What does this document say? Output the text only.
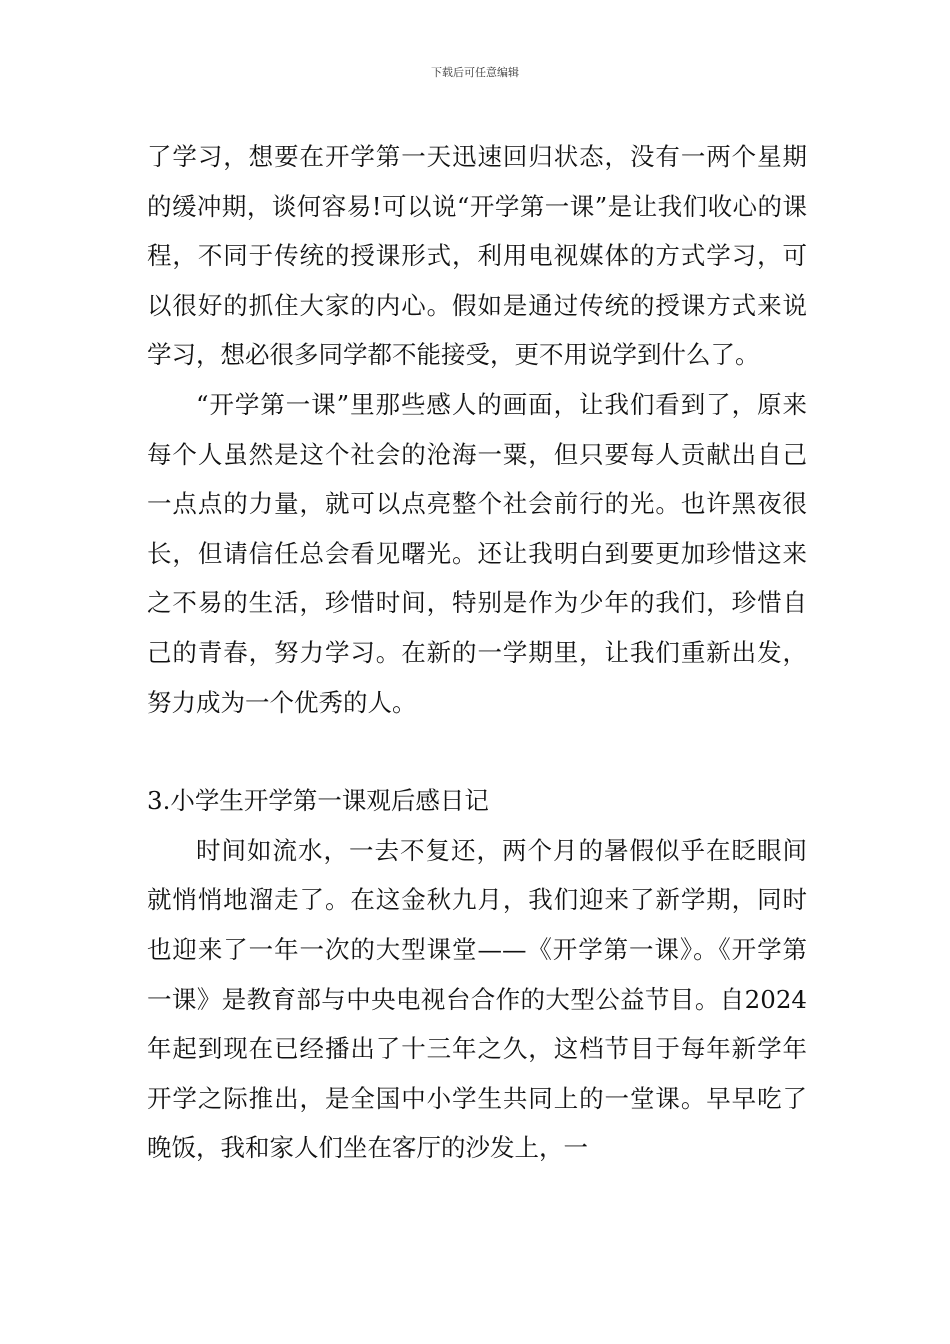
下载后可任意编辑

了学习，想要在开学第一天迅速回归状态，没有一两个星期的缓冲期，谈何容易!可以说“开学第一课”是让我们收心的课程，不同于传统的授课形式，利用电视媒体的方式学习，可以很好的抓住大家的内心。假如是通过传统的授课方式来说学习，想必很多同学都不能接受，更不用说学到什么了。

“开学第一课”里那些感人的画面，让我们看到了，原来每个人虽然是这个社会的沧海一粟，但只要每人贡献出自己一点点的力量，就可以点亮整个社会前行的光。也许黑夜很长，但请信任总会看见曙光。还让我明白到要更加珍惜这来之不易的生活，珍惜时间，特别是作为少年的我们，珍惜自己的青春，努力学习。在新的一学期里，让我们重新出发，努力成为一个优秀的人。

3.小学生开学第一课观后感日记

时间如流水，一去不复还，两个月的暑假似乎在眨眼间就悄悄地溜走了。在这金秋九月，我们迎来了新学期，同时也迎来了一年一次的大型课堂——《开学第一课》。《开学第一课》是教育部与中央电视台合作的大型公益节目。自2024年起到现在已经播出了十三年之久，这档节目于每年新学年开学之际推出，是全国中小学生共同上的一堂课。早早吃了晚饭，我和家人们坐在客厅的沙发上，一
